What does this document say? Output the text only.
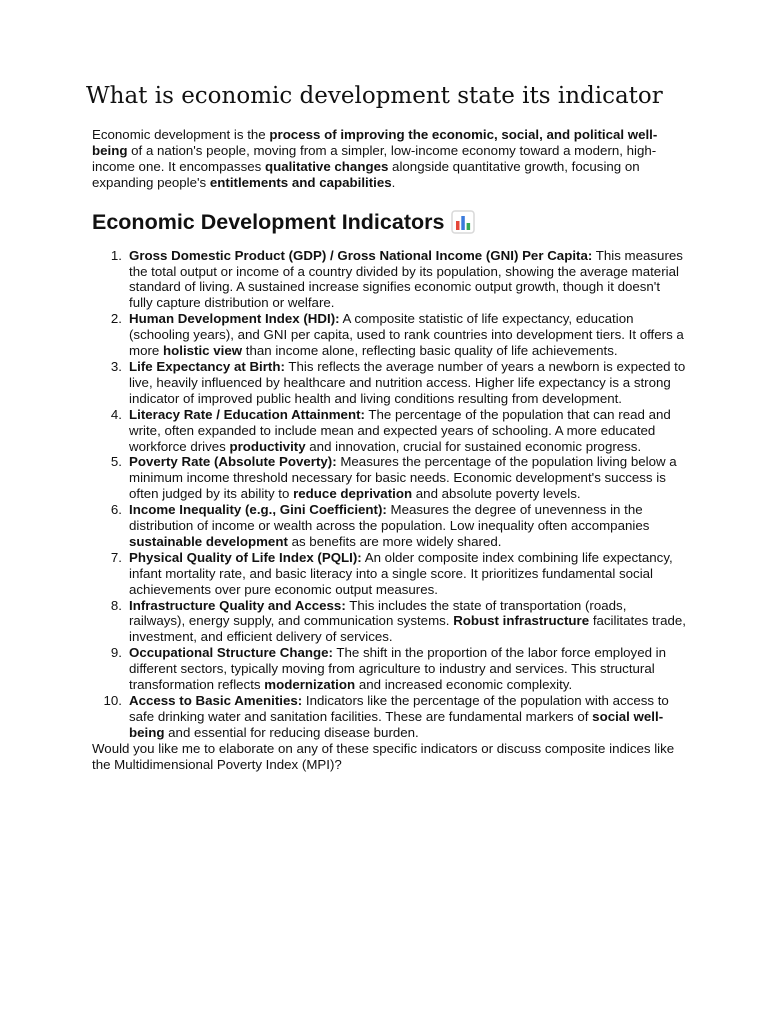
What is economic development state its indicator

Economic development is the process of improving the economic, social, and political well-being of a nation's people, moving from a simpler, low-income economy toward a modern, high-income one. It encompasses qualitative changes alongside quantitative growth, focusing on expanding people's entitlements and capabilities.

Economic Development Indicators
1. Gross Domestic Product (GDP) / Gross National Income (GNI) Per Capita: This measures the total output or income of a country divided by its population, showing the average material standard of living. A sustained increase signifies economic output growth, though it doesn't fully capture distribution or welfare.
2. Human Development Index (HDI): A composite statistic of life expectancy, education (schooling years), and GNI per capita, used to rank countries into development tiers. It offers a more holistic view than income alone, reflecting basic quality of life achievements.
3. Life Expectancy at Birth: This reflects the average number of years a newborn is expected to live, heavily influenced by healthcare and nutrition access. Higher life expectancy is a strong indicator of improved public health and living conditions resulting from development.
4. Literacy Rate / Education Attainment: The percentage of the population that can read and write, often expanded to include mean and expected years of schooling. A more educated workforce drives productivity and innovation, crucial for sustained economic progress.
5. Poverty Rate (Absolute Poverty): Measures the percentage of the population living below a minimum income threshold necessary for basic needs. Economic development's success is often judged by its ability to reduce deprivation and absolute poverty levels.
6. Income Inequality (e.g., Gini Coefficient): Measures the degree of unevenness in the distribution of income or wealth across the population. Low inequality often accompanies sustainable development as benefits are more widely shared.
7. Physical Quality of Life Index (PQLI): An older composite index combining life expectancy, infant mortality rate, and basic literacy into a single score. It prioritizes fundamental social achievements over pure economic output measures.
8. Infrastructure Quality and Access: This includes the state of transportation (roads, railways), energy supply, and communication systems. Robust infrastructure facilitates trade, investment, and efficient delivery of services.
9. Occupational Structure Change: The shift in the proportion of the labor force employed in different sectors, typically moving from agriculture to industry and services. This structural transformation reflects modernization and increased economic complexity.
10. Access to Basic Amenities: Indicators like the percentage of the population with access to safe drinking water and sanitation facilities. These are fundamental markers of social well-being and essential for reducing disease burden.

Would you like me to elaborate on any of these specific indicators or discuss composite indices like the Multidimensional Poverty Index (MPI)?
